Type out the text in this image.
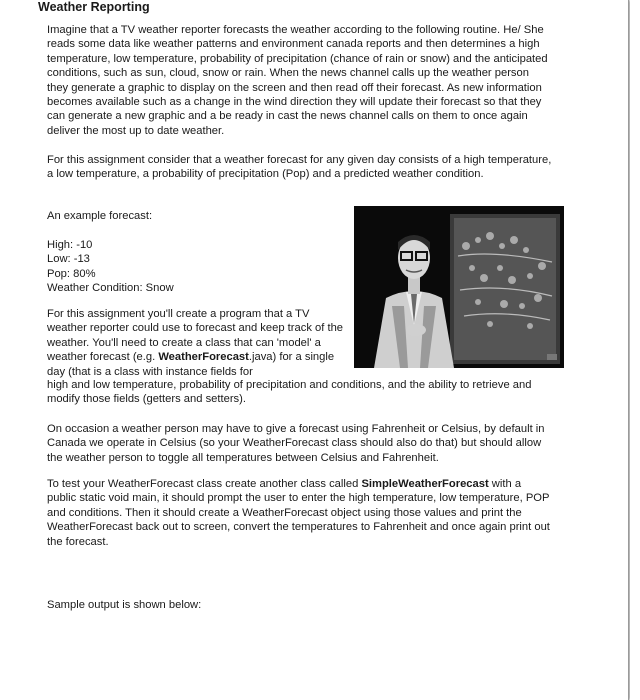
Weather Reporting

Imagine that a TV weather reporter forecasts the weather according to the following routine. He/ She reads some data like weather patterns and environment canada reports and then determines a high temperature, low temperature, probability of precipitation (chance of rain or snow) and the anticipated conditions, such as sun, cloud, snow or rain. When the news channel calls up the weather person they generate a graphic to display on the screen and then read off their forecast. As new information becomes available such as a change in the wind direction they will update their forecast so that they can generate a new graphic and a be ready in cast the news channel calls on them to once again deliver the most up to date weather.

For this assignment consider that a weather forecast for any given day consists of a high temperature, a low temperature, a probability of precipitation (Pop) and a predicted weather condition.

An example forecast:

High: -10
Low: -13
Pop: 80%
Weather Condition: Snow

For this assignment you'll create a program that a TV weather reporter could use to forecast and keep track of the weather. You'll need to create a class that can 'model' a weather forecast (e.g. WeatherForecast.java) for a single day (that is a class with instance fields for

high and low temperature, probability of precipitation and conditions, and the ability to retrieve and modify those fields (getters and setters).

On occasion a weather person may have to give a forecast using Fahrenheit or Celsius, by default in Canada we operate in Celsius (so your WeatherForecast class should also do that) but should allow the weather person to toggle all temperatures between Celsius and Fahrenheit.

To test your WeatherForecast class create another class called SimpleWeatherForecast with a public static void main, it should prompt the user to enter the high temperature, low temperature, POP and conditions. Then it should create a WeatherForecast object using those values and print the WeatherForecast back out to screen, convert the temperatures to Fahrenheit and once again print out the forecast.

Sample output is shown below:
